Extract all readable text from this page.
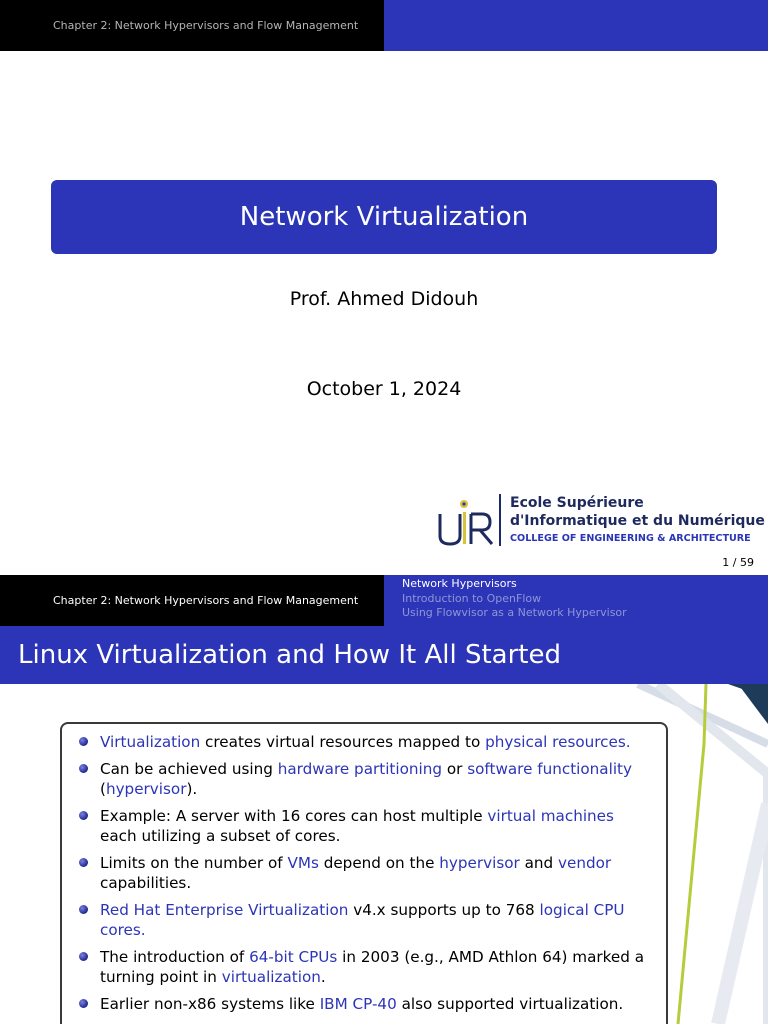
Chapter 2: Network Hypervisors and Flow Management
Network Virtualization
Prof. Ahmed Didouh
October 1, 2024
Ecole Supérieure
d'Informatique et du Numérique
COLLEGE OF ENGINEERING & ARCHITECTURE
1 / 59
Chapter 2: Network Hypervisors and Flow Management
Network Hypervisors
Introduction to OpenFlow
Using Flowvisor as a Network Hypervisor
Linux Virtualization and How It All Started
Virtualization creates virtual resources mapped to physical resources.
Can be achieved using hardware partitioning or software functionality (hypervisor).
Example: A server with 16 cores can host multiple virtual machines each utilizing a subset of cores.
Limits on the number of VMs depend on the hypervisor and vendor capabilities.
Red Hat Enterprise Virtualization v4.x supports up to 768 logical CPU cores.
The introduction of 64-bit CPUs in 2003 (e.g., AMD Athlon 64) marked a turning point in virtualization.
Earlier non-x86 systems like IBM CP-40 also supported virtualization.
